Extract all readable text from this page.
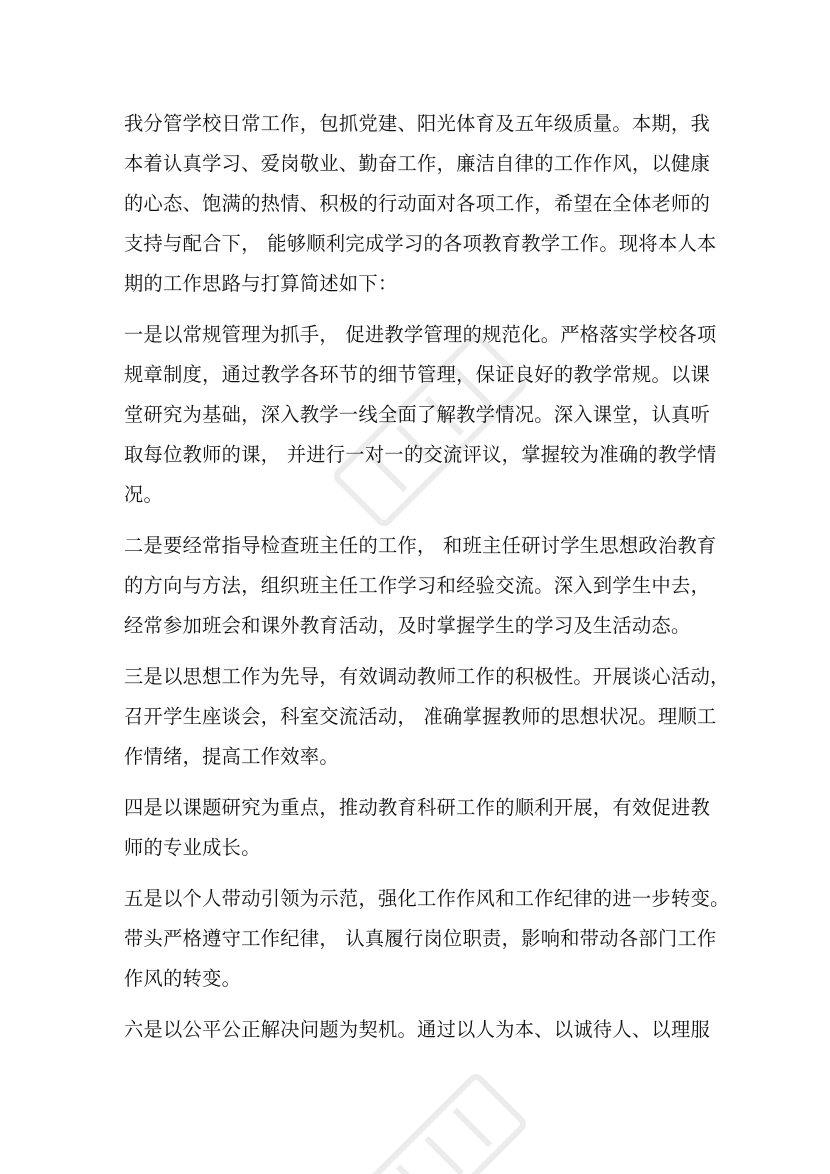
我分管学校日常工作，包抓党建、阳光体育及五年级质量。本期，我
本着认真学习、爱岗敬业、勤奋工作，廉洁自律的工作作风，以健康
的心态、饱满的热情、积极的行动面对各项工作，希望在全体老师的
支持与配合下， 能够顺利完成学习的各项教育教学工作。现将本人本
期的工作思路与打算简述如下：

一是以常规管理为抓手， 促进教学管理的规范化。严格落实学校各项
规章制度，通过教学各环节的细节管理，保证良好的教学常规。以课
堂研究为基础，深入教学一线全面了解教学情况。深入课堂，认真听
取每位教师的课， 并进行一对一的交流评议，掌握较为准确的教学情
况。

二是要经常指导检查班主任的工作， 和班主任研讨学生思想政治教育
的方向与方法，组织班主任工作学习和经验交流。深入到学生中去，
经常参加班会和课外教育活动，及时掌握学生的学习及生活动态。

三是以思想工作为先导，有效调动教师工作的积极性。开展谈心活动，
召开学生座谈会，科室交流活动， 准确掌握教师的思想状况。理顺工
作情绪，提高工作效率。

四是以课题研究为重点，推动教育科研工作的顺利开展，有效促进教
师的专业成长。

五是以个人带动引领为示范，强化工作作风和工作纪律的进一步转变。
带头严格遵守工作纪律， 认真履行岗位职责，影响和带动各部门工作
作风的转变。

六是以公平公正解决问题为契机。通过以人为本、以诚待人、以理服
